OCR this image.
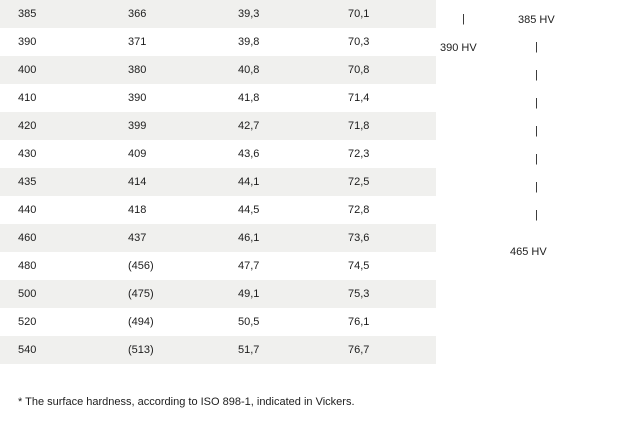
385	366	39,3	70,1
390	371	39,8	70,3
400	380	40,8	70,8
410	390	41,8	71,4
420	399	42,7	71,8
430	409	43,6	72,3
435	414	44,1	72,5
440	418	44,5	72,8
460	437	46,1	73,6
480	(456)	47,7	74,5
500	(475)	49,1	75,3
520	(494)	50,5	76,1
540	(513)	51,7	76,7
385 HV
390 HV
465 HV
|
|
|
|
|
|
|
|
* The surface hardness, according to ISO 898-1, indicated in Vickers.
